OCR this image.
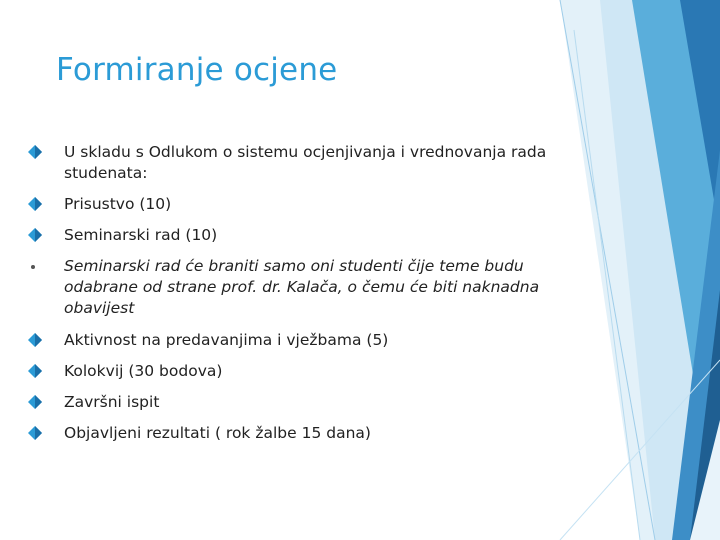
Formiranje ocjene
U skladu s Odlukom o sistemu ocjenjivanja i vrednovanja rada studenata:
Prisustvo (10)
Seminarski rad (10)
Seminarski rad će braniti samo oni studenti čije teme budu odabrane od strane prof. dr. Kalača, o čemu će biti naknadna obavijest
Aktivnost na predavanjima i vježbama (5)
Kolokvij (30 bodova)
Završni ispit
Objavljeni rezultati ( rok žalbe 15 dana)
